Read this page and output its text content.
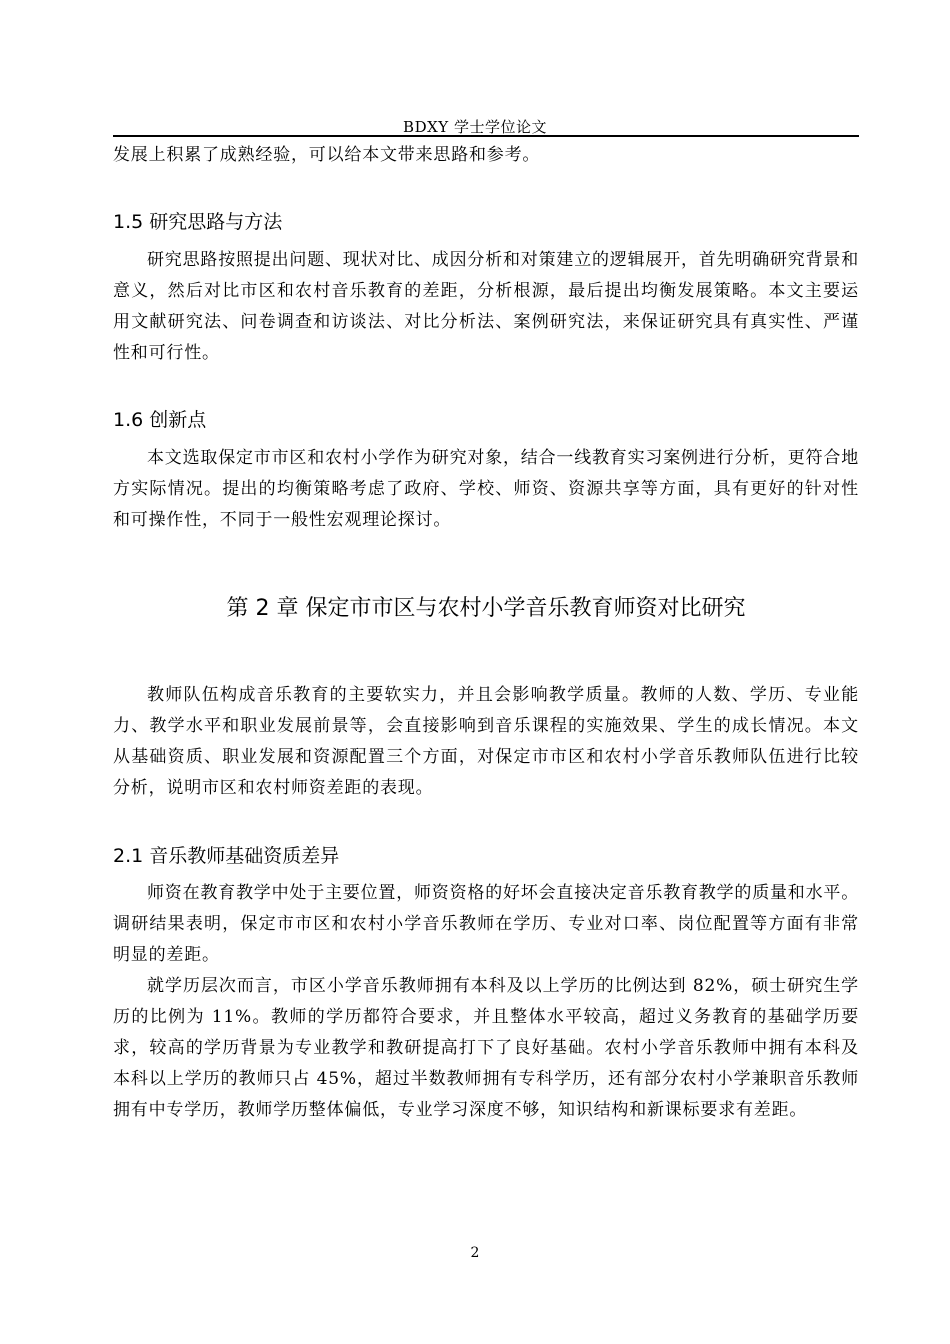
BDXY 学士学位论文

发展上积累了成熟经验，可以给本文带来思路和参考。

1.5 研究思路与方法

研究思路按照提出问题、现状对比、成因分析和对策建立的逻辑展开，首先明确研究背景和意义，然后对比市区和农村音乐教育的差距，分析根源，最后提出均衡发展策略。本文主要运用文献研究法、问卷调查和访谈法、对比分析法、案例研究法，来保证研究具有真实性、严谨性和可行性。

1.6 创新点

本文选取保定市市区和农村小学作为研究对象，结合一线教育实习案例进行分析，更符合地方实际情况。提出的均衡策略考虑了政府、学校、师资、资源共享等方面，具有更好的针对性和可操作性，不同于一般性宏观理论探讨。

第 2 章 保定市市区与农村小学音乐教育师资对比研究

教师队伍构成音乐教育的主要软实力，并且会影响教学质量。教师的人数、学历、专业能力、教学水平和职业发展前景等，会直接影响到音乐课程的实施效果、学生的成长情况。本文从基础资质、职业发展和资源配置三个方面，对保定市市区和农村小学音乐教师队伍进行比较分析，说明市区和农村师资差距的表现。

2.1 音乐教师基础资质差异

师资在教育教学中处于主要位置，师资资格的好坏会直接决定音乐教育教学的质量和水平。调研结果表明，保定市市区和农村小学音乐教师在学历、专业对口率、岗位配置等方面有非常明显的差距。

就学历层次而言，市区小学音乐教师拥有本科及以上学历的比例达到 82%，硕士研究生学历的比例为 11%。教师的学历都符合要求，并且整体水平较高，超过义务教育的基础学历要求，较高的学历背景为专业教学和教研提高打下了良好基础。农村小学音乐教师中拥有本科及本科以上学历的教师只占 45%，超过半数教师拥有专科学历，还有部分农村小学兼职音乐教师拥有中专学历，教师学历整体偏低，专业学习深度不够，知识结构和新课标要求有差距。

2
